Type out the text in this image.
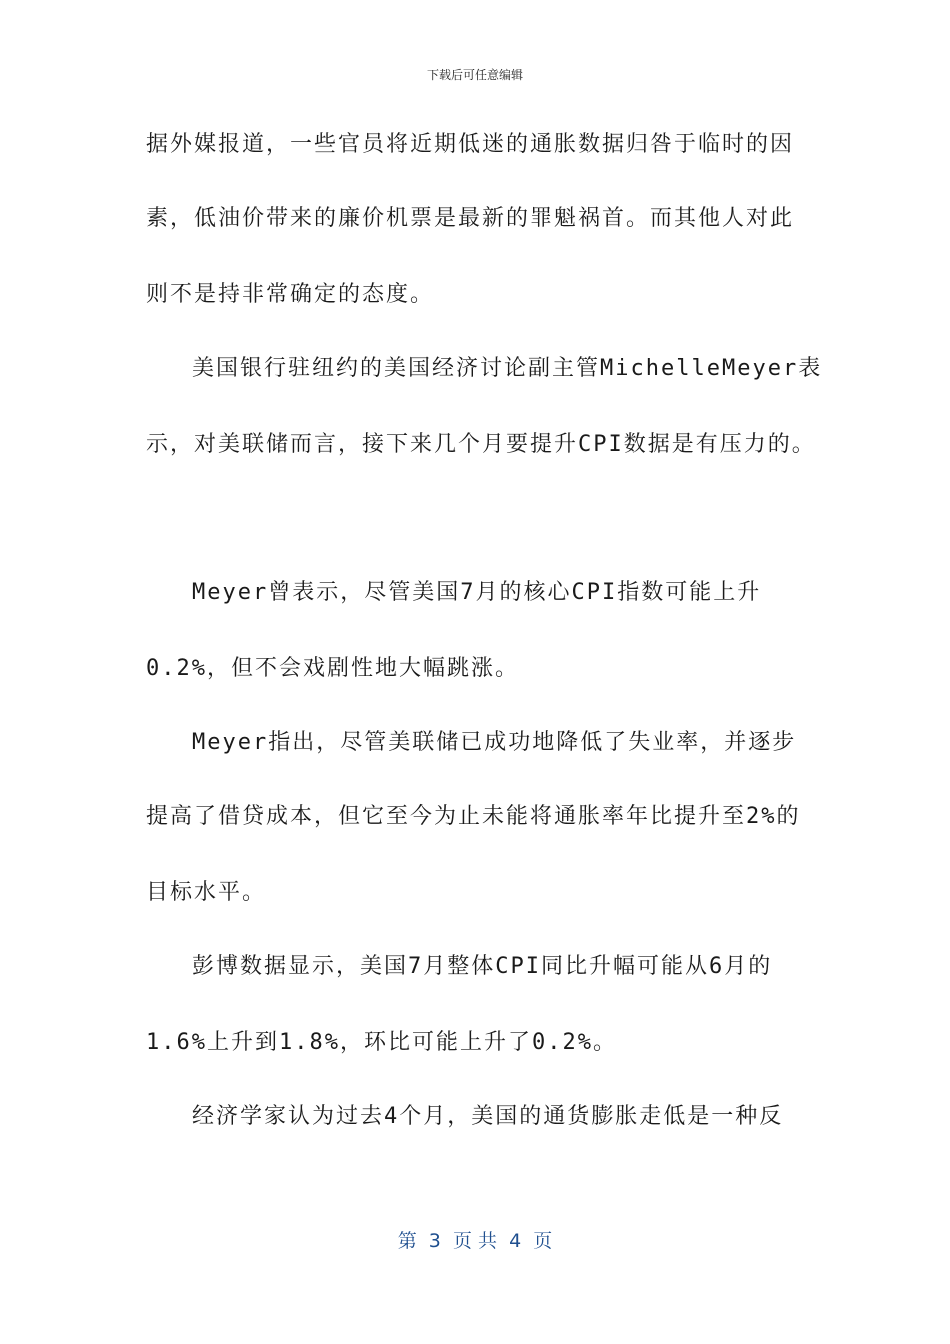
下载后可任意编辑
据外媒报道，一些官员将近期低迷的通胀数据归咎于临时的因
素，低油价带来的廉价机票是最新的罪魁祸首。而其他人对此
则不是持非常确定的态度。
美国银行驻纽约的美国经济讨论副主管MichelleMeyer表
示，对美联储而言，接下来几个月要提升CPI数据是有压力的。
Meyer曾表示，尽管美国7月的核心CPI指数可能上升
0.2%，但不会戏剧性地大幅跳涨。
Meyer指出，尽管美联储已成功地降低了失业率，并逐步
提高了借贷成本，但它至今为止未能将通胀率年比提升至2%的
目标水平。
彭博数据显示，美国7月整体CPI同比升幅可能从6月的
1.6%上升到1.8%，环比可能上升了0.2%。
经济学家认为过去4个月，美国的通货膨胀走低是一种反
第  3  页 共  4  页
